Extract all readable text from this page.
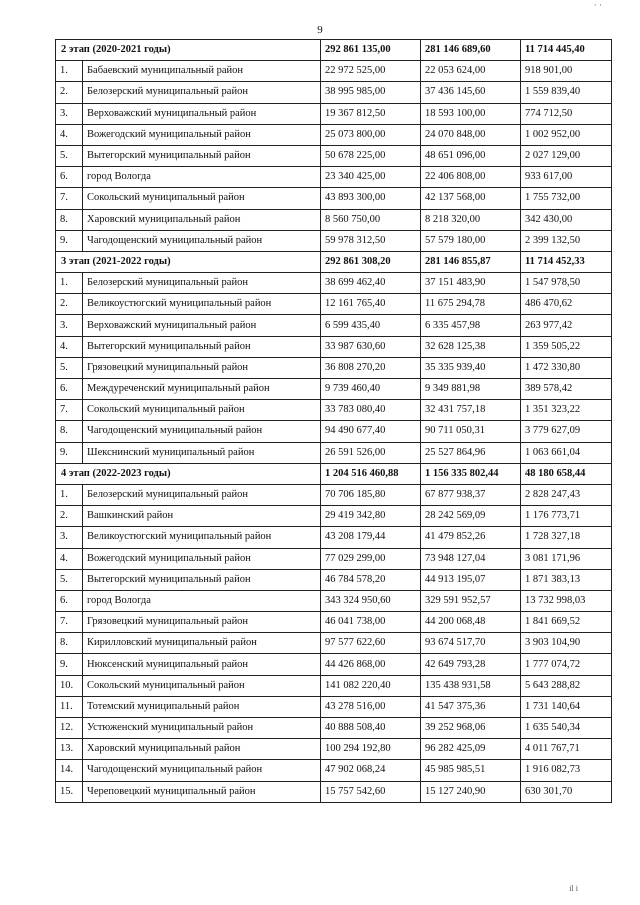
9
· ·
2 этап (2020-2021 годы)		292 861 135,00	281 146 689,60	11 714 445,40
1.	Бабаевский муниципальный район	22 972 525,00	22 053 624,00	918 901,00
2.	Белозерский муниципальный район	38 995 985,00	37 436 145,60	1 559 839,40
3.	Верховажский муниципальный район	19 367 812,50	18 593 100,00	774 712,50
4.	Вожегодский муниципальный район	25 073 800,00	24 070 848,00	1 002 952,00
5.	Вытегорский муниципальный район	50 678 225,00	48 651 096,00	2 027 129,00
6.	город Вологда	23 340 425,00	22 406 808,00	933 617,00
7.	Сокольский муниципальный район	43 893 300,00	42 137 568,00	1 755 732,00
8.	Харовский муниципальный район	8 560 750,00	8 218 320,00	342 430,00
9.	Чагодощенский муниципальный район	59 978 312,50	57 579 180,00	2 399 132,50
3 этап (2021-2022 годы)		292 861 308,20	281 146 855,87	11 714 452,33
1.	Белозерский муниципальный район	38 699 462,40	37 151 483,90	1 547 978,50
2.	Великоустюгский муниципальный район	12 161 765,40	11 675 294,78	486 470,62
3.	Верховажский муниципальный район	6 599 435,40	6 335 457,98	263 977,42
4.	Вытегорский муниципальный район	33 987 630,60	32 628 125,38	1 359 505,22
5.	Грязовецкий муниципальный район	36 808 270,20	35 335 939,40	1 472 330,80
6.	Междуреченский муниципальный район	9 739 460,40	9 349 881,98	389 578,42
7.	Сокольский муниципальный район	33 783 080,40	32 431 757,18	1 351 323,22
8.	Чагодощенский муниципальный район	94 490 677,40	90 711 050,31	3 779 627,09
9.	Шекснинский муниципальный район	26 591 526,00	25 527 864,96	1 063 661,04
4 этап (2022-2023 годы)		1 204 516 460,88	1 156 335 802,44	48 180 658,44
1.	Белозерский муниципальный район	70 706 185,80	67 877 938,37	2 828 247,43
2.	Вашкинский район	29 419 342,80	28 242 569,09	1 176 773,71
3.	Великоустюгский муниципальный район	43 208 179,44	41 479 852,26	1 728 327,18
4.	Вожегодский муниципальный район	77 029 299,00	73 948 127,04	3 081 171,96
5.	Вытегорский муниципальный район	46 784 578,20	44 913 195,07	1 871 383,13
6.	город Вологда	343 324 950,60	329 591 952,57	13 732 998,03
7.	Грязовецкий муниципальный район	46 041 738,00	44 200 068,48	1 841 669,52
8.	Кирилловский муниципальный район	97 577 622,60	93 674 517,70	3 903 104,90
9.	Нюксенский муниципальный район	44 426 868,00	42 649 793,28	1 777 074,72
10.	Сокольский муниципальный район	141 082 220,40	135 438 931,58	5 643 288,82
11.	Тотемский муниципальный район	43 278 516,00	41 547 375,36	1 731 140,64
12.	Устюженский муниципальный район	40 888 508,40	39 252 968,06	1 635 540,34
13.	Харовский муниципальный район	100 294 192,80	96 282 425,09	4 011 767,71
14.	Чагодощенский муниципальный район	47 902 068,24	45 985 985,51	1 916 082,73
15.	Череповецкий муниципальный район	15 757 542,60	15 127 240,90	630 301,70
il i
